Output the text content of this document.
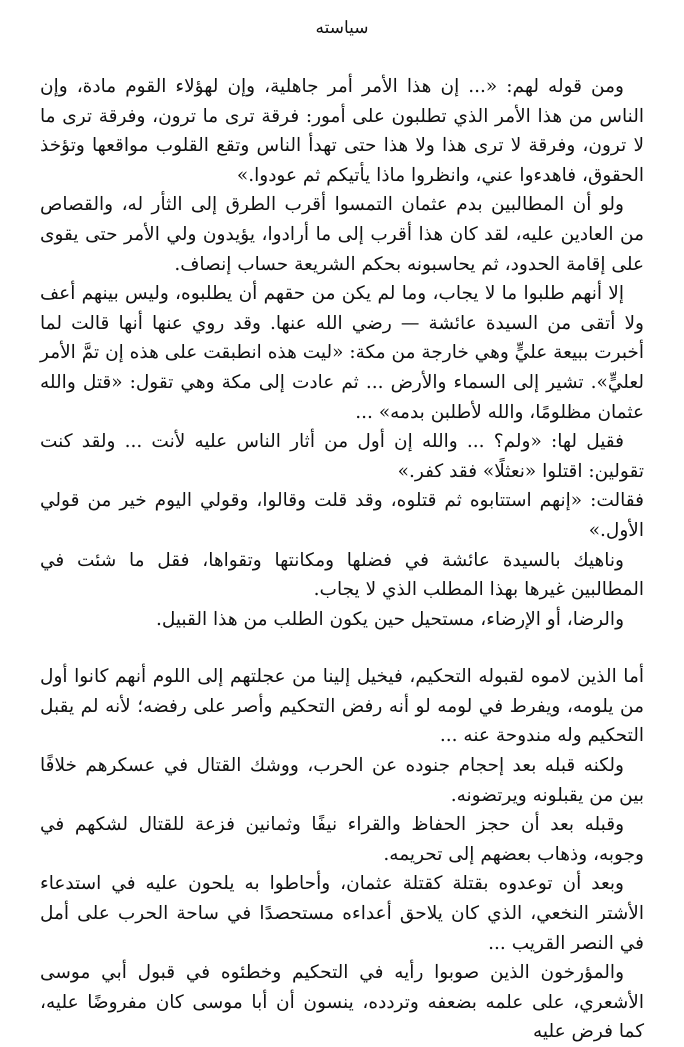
سياسته

ومن قوله لهم: «... إن هذا الأمر أمر جاهلية، وإن لهؤلاء القوم مادة، وإن الناس من هذا الأمر الذي تطلبون على أمور: فرقة ترى ما ترون، وفرقة ترى ما لا ترون، وفرقة لا ترى هذا ولا هذا حتى تهدأ الناس وتقع القلوب مواقعها وتؤخذ الحقوق، فاهدءوا عني، وانظروا ماذا يأتيكم ثم عودوا.»

ولو أن المطالبين بدم عثمان التمسوا أقرب الطرق إلى الثأر له، والقصاص من العادين عليه، لقد كان هذا أقرب إلى ما أرادوا، يؤيدون ولي الأمر حتى يقوى على إقامة الحدود، ثم يحاسبونه بحكم الشريعة حساب إنصاف.

إلا أنهم طلبوا ما لا يجاب، وما لم يكن من حقهم أن يطلبوه، وليس بينهم أعف ولا أتقى من السيدة عائشة — رضي الله عنها. وقد روي عنها أنها قالت لما أخبرت ببيعة عليٍّ وهي خارجة من مكة: «ليت هذه انطبقت على هذه إن تمَّ الأمر لعليٍّ». تشير إلى السماء والأرض ... ثم عادت إلى مكة وهي تقول: «قتل والله عثمان مظلومًا، والله لأطلبن بدمه» ...

فقيل لها: «ولم؟ ... والله إن أول من أثار الناس عليه لأنت ... ولقد كنت تقولين: اقتلوا «نعثلًا» فقد كفر.»

فقالت: «إنهم استتابوه ثم قتلوه، وقد قلت وقالوا، وقولي اليوم خير من قولي الأول.»

وناهيك بالسيدة عائشة في فضلها ومكانتها وتقواها، فقل ما شئت في المطالبين غيرها بهذا المطلب الذي لا يجاب.

والرضا، أو الإرضاء، مستحيل حين يكون الطلب من هذا القبيل.

أما الذين لاموه لقبوله التحكيم، فيخيل إلينا من عجلتهم إلى اللوم أنهم كانوا أول من يلومه، ويفرط في لومه لو أنه رفض التحكيم وأصر على رفضه؛ لأنه لم يقبل التحكيم وله مندوحة عنه ...

ولكنه قبله بعد إحجام جنوده عن الحرب، ووشك القتال في عسكرهم خلافًا بين من يقبلونه ويرتضونه.

وقبله بعد أن حجز الحفاظ والقراء نيفًا وثمانين فزعة للقتال لشكهم في وجوبه، وذهاب بعضهم إلى تحريمه.

وبعد أن توعدوه بقتلة كقتلة عثمان، وأحاطوا به يلحون عليه في استدعاء الأشتر النخعي، الذي كان يلاحق أعداءه مستحصدًا في ساحة الحرب على أمل في النصر القريب ...

والمؤرخون الذين صوبوا رأيه في التحكيم وخطئوه في قبول أبي موسى الأشعري، على علمه بضعفه وتردده، ينسون أن أبا موسى كان مفروضًا عليه، كما فرض عليه
